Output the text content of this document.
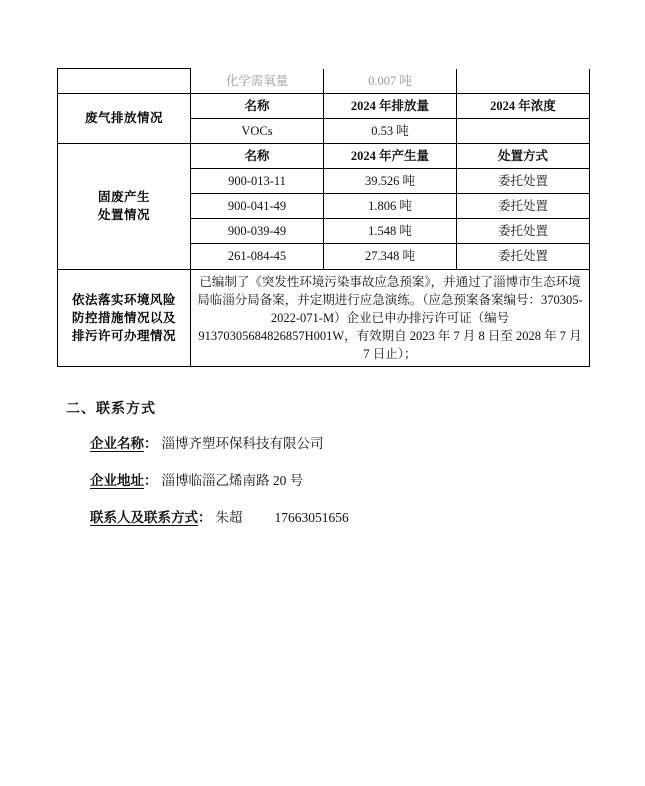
	化学需氧量	0.007 吨	
废气排放情况	名称	2024 年排放量	2024 年浓度
	VOCs	0.53 吨	
固废产生
处置情况	名称	2024 年产生量	处置方式
	900-013-11	39.526 吨	委托处置
	900-041-49	1.806 吨	委托处置
	900-039-49	1.548 吨	委托处置
	261-084-45	27.348 吨	委托处置
依法落实环境风险
防控措施情况以及
排污许可办理情况	已编制了《突发性环境污染事故应急预案》，并通过了淄博市生态环境局临淄分局备案，并定期进行应急演练。（应急预案备案编号：370305-2022-071-M）企业已申办排污许可证（编号 91370305684826857H001W，有效期自 2023 年 7 月 8 日至 2028 年 7 月 7 日止）；		
二、联系方式
企业名称 ： 淄博齐塑环保科技有限公司
企业地址 ： 淄博临淄乙烯南路 20 号
联系人及联系方式 ： 朱超 17663051656
